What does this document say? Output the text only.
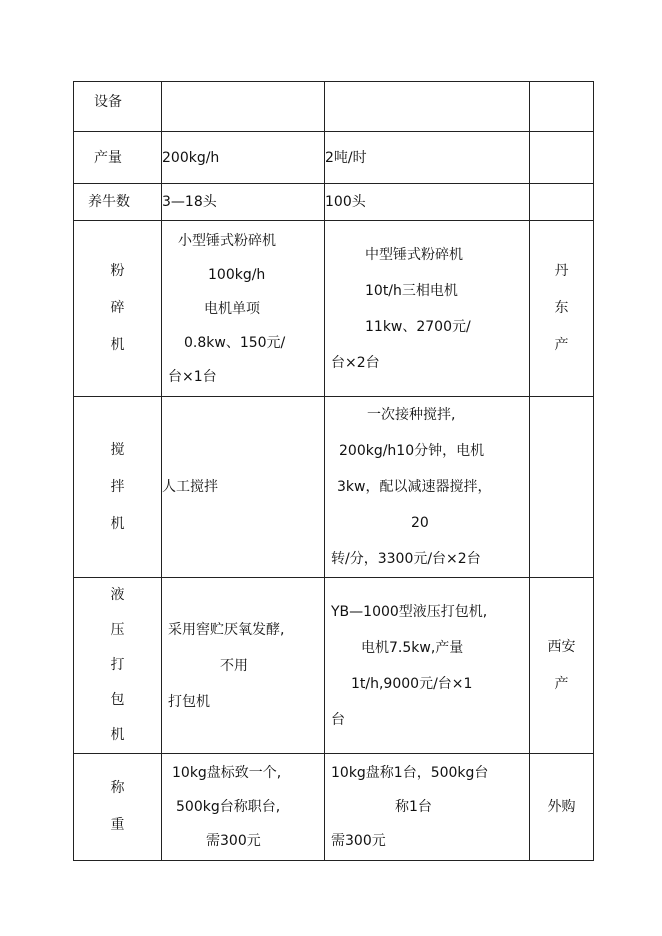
设备			

产量	200kg/h	2吨/时	

养牛数	3—18头	100头	

粉
碎
机	小型锤式粉碎机
100kg/h
电机单项
0.8kw、150元/
台×1台	中型锤式粉碎机
10t/h三相电机
11kw、2700元/
台×2台	丹
东
产

搅
拌
机	人工搅拌	一次接种搅拌,
200kg/h10分钟，电机
3kw，配以减速器搅拌，
20
转/分，3300元/台×2台	

液
压
打
包
机	采用窖贮厌氧发酵,
不用
打包机	YB—1000型液压打包机,
电机7.5kw,产量
1t/h,9000元/台×1
台	西安
产

称
重	10kg盘标致一个,
500kg台称职台,
需300元	10kg盘称1台，500kg台
称1台
需300元	外购
